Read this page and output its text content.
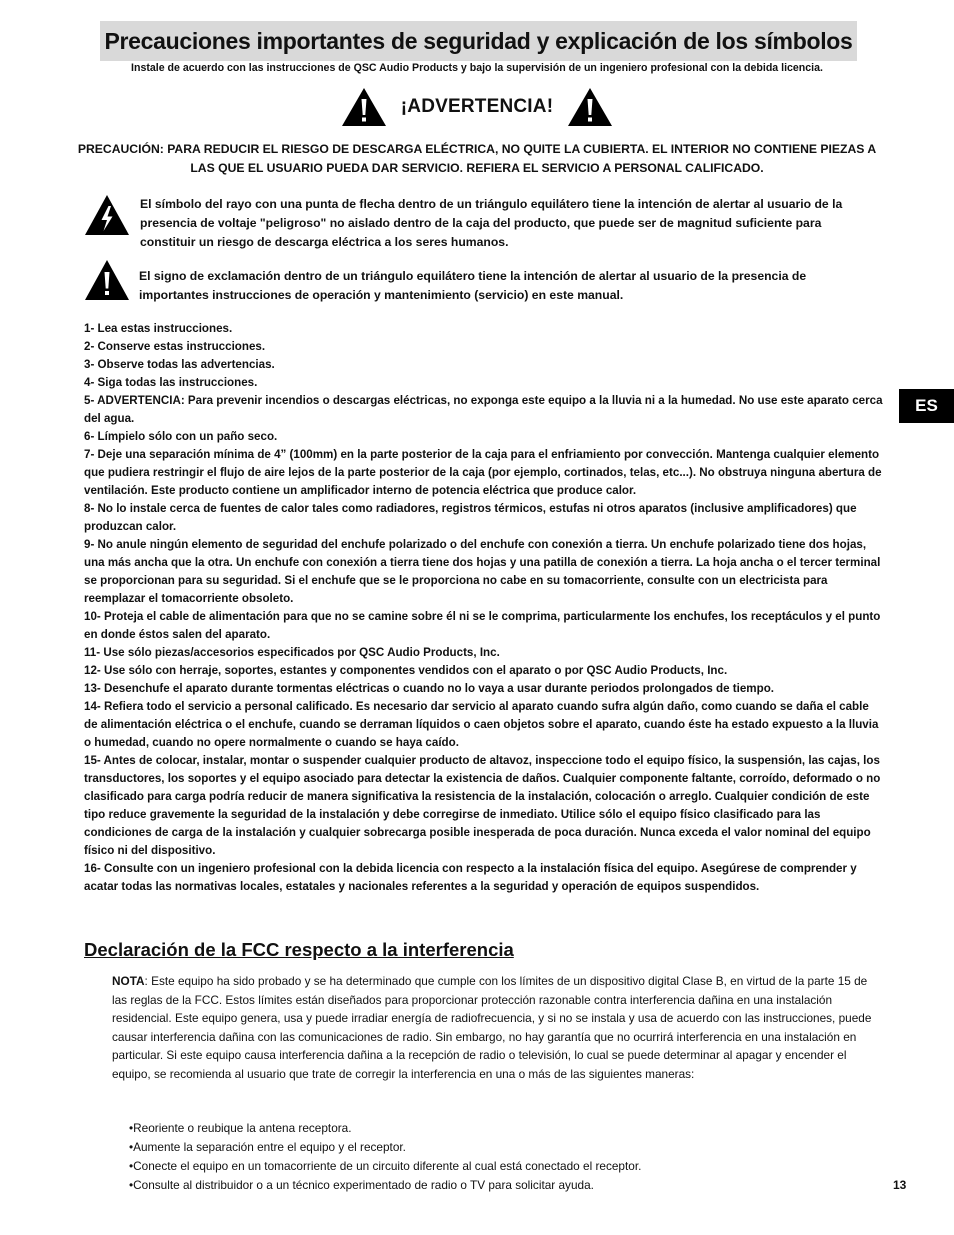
Precauciones importantes de seguridad y explicación de los símbolos
Instale de acuerdo con las instrucciones de QSC Audio Products y bajo la supervisión de un ingeniero profesional con la debida licencia.
¡ADVERTENCIA!
PRECAUCIÓN: PARA REDUCIR EL RIESGO DE DESCARGA ELÉCTRICA, NO QUITE LA CUBIERTA. EL INTERIOR NO CONTIENE PIEZAS A LAS QUE EL USUARIO PUEDA DAR SERVICIO. REFIERA EL SERVICIO A PERSONAL CALIFICADO.
El símbolo del rayo con una punta de flecha dentro de un triángulo equilátero tiene la intención de alertar al usuario de la presencia de voltaje "peligroso" no aislado dentro de la caja del producto, que puede ser de magnitud suficiente para constituir un riesgo de descarga eléctrica a los seres humanos.
El signo de exclamación dentro de un triángulo equilátero tiene la intención de alertar al usuario de la presencia de importantes instrucciones de operación y mantenimiento (servicio) en este manual.

1- Lea estas instrucciones.

2- Conserve estas instrucciones.

3- Observe todas las advertencias.

4- Siga todas las instrucciones.

5- ADVERTENCIA: Para prevenir incendios o descargas eléctricas, no exponga este equipo a la lluvia ni a la humedad. No use este aparato cerca del agua.

6- Límpielo sólo con un paño seco.

7- Deje una separación mínima de 4” (100mm) en la parte posterior de la caja para el enfriamiento por convección. Mantenga cualquier elemento que pudiera restringir el flujo de aire lejos de la parte posterior de la caja (por ejemplo, cortinados, telas, etc...). No obstruya ninguna abertura de ventilación. Este producto contiene un amplificador interno de potencia eléctrica que produce calor.

8- No lo instale cerca de fuentes de calor tales como radiadores, registros térmicos, estufas ni otros aparatos (inclusive amplificadores) que produzcan calor.

9- No anule ningún elemento de seguridad del enchufe polarizado o del enchufe con conexión a tierra. Un enchufe polarizado tiene dos hojas, una más ancha que la otra. Un enchufe con conexión a tierra tiene dos hojas y una patilla de conexión a tierra. La hoja ancha o el tercer terminal se proporcionan para su seguridad. Si el enchufe que se le proporciona no cabe en su tomacorriente, consulte con un electricista para reemplazar el tomacorriente obsoleto.

10- Proteja el cable de alimentación para que no se camine sobre él ni se le comprima, particularmente los enchufes, los receptáculos y el punto en donde éstos salen del aparato.

11- Use sólo piezas/accesorios especificados por QSC Audio Products, Inc.

12- Use sólo con herraje, soportes, estantes y componentes vendidos con el aparato o por QSC Audio Products, Inc.

13- Desenchufe el aparato durante tormentas eléctricas o cuando no lo vaya a usar durante periodos prolongados de tiempo.

14- Refiera todo el servicio a personal calificado. Es necesario dar servicio al aparato cuando sufra algún daño, como cuando se daña el cable de alimentación eléctrica o el enchufe, cuando se derraman líquidos o caen objetos sobre el aparato, cuando éste ha estado expuesto a la lluvia o humedad, cuando no opere normalmente o cuando se haya caído.

15- Antes de colocar, instalar, montar o suspender cualquier producto de altavoz, inspeccione todo el equipo físico, la suspensión, las cajas, los transductores, los soportes y el equipo asociado para detectar la existencia de daños. Cualquier componente faltante, corroído, deformado o no clasificado para carga podría reducir de manera significativa la resistencia de la instalación, colocación o arreglo. Cualquier condición de este tipo reduce gravemente la seguridad de la instalación y debe corregirse de inmediato. Utilice sólo el equipo físico clasificado para las condiciones de carga de la instalación y cualquier sobrecarga posible inesperada de poca duración. Nunca exceda el valor nominal del equipo físico ni del dispositivo.

16- Consulte con un ingeniero profesional con la debida licencia con respecto a la instalación física del equipo. Asegúrese de comprender y acatar todas las normativas locales, estatales y nacionales referentes a la seguridad y operación de equipos suspendidos.

ES
Declaración de la FCC respecto a la interferencia
NOTA: Este equipo ha sido probado y se ha determinado que cumple con los límites de un dispositivo digital Clase B, en virtud de la parte 15 de las reglas de la FCC. Estos límites están diseñados para proporcionar protección razonable contra interferencia dañina en una instalación residencial. Este equipo genera, usa y puede irradiar energía de radiofrecuencia, y si no se instala y usa de acuerdo con las instrucciones, puede causar interferencia dañina con las comunicaciones de radio. Sin embargo, no hay garantía que no ocurrirá interferencia en una instalación en particular. Si este equipo causa interferencia dañina a la recepción de radio o televisión, lo cual se puede determinar al apagar y encender el equipo, se recomienda al usuario que trate de corregir la interferencia en una o más de las siguientes maneras:
•Reoriente o reubique la antena receptora.
•Aumente la separación entre el equipo y el receptor.
•Conecte el equipo en un tomacorriente de un circuito diferente al cual está conectado el receptor.
•Consulte al distribuidor o a un técnico experimentado de radio o TV para solicitar ayuda.	13
